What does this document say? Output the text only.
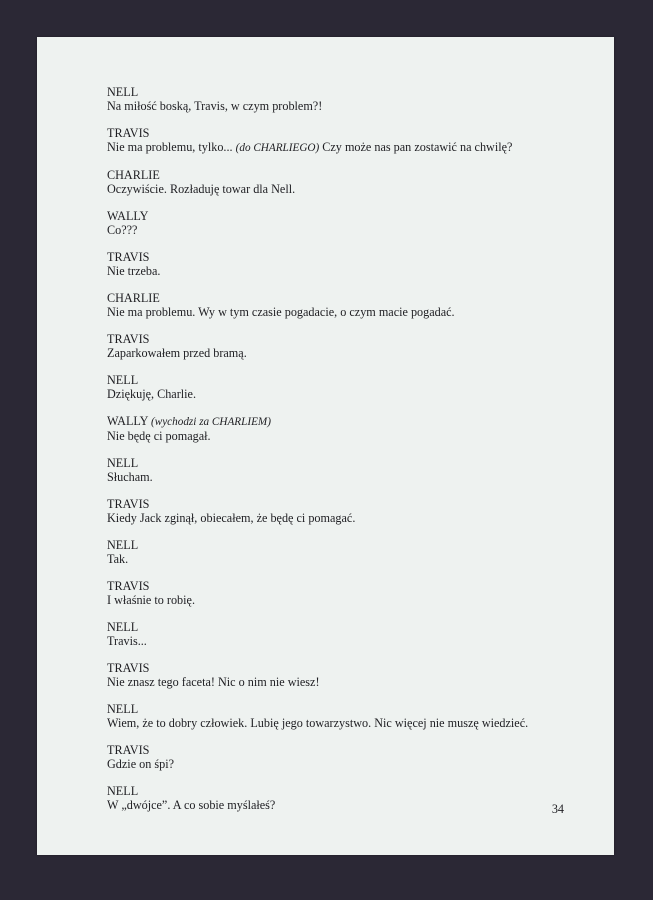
NELL
Na miłość boską, Travis, w czym problem?!
TRAVIS
Nie ma problemu, tylko... (do CHARLIEGO) Czy może nas pan zostawić na chwilę?
CHARLIE
Oczywiście. Rozładuję towar dla Nell.
WALLY
Co???
TRAVIS
Nie trzeba.
CHARLIE
Nie ma problemu. Wy w tym czasie pogadacie, o czym macie pogadać.
TRAVIS
Zaparkowałem przed bramą.
NELL
Dziękuję, Charlie.
WALLY (wychodzi za CHARLIEM)
Nie będę ci pomagał.
NELL
Słucham.
TRAVIS
Kiedy Jack zginął, obiecałem, że będę ci pomagać.
NELL
Tak.
TRAVIS
I właśnie to robię.
NELL
Travis...
TRAVIS
Nie znasz tego faceta! Nic o nim nie wiesz!
NELL
Wiem, że to dobry człowiek. Lubię jego towarzystwo. Nic więcej nie muszę wiedzieć.
TRAVIS
Gdzie on śpi?
NELL
W „dwójce”. A co sobie myślałeś?	34
